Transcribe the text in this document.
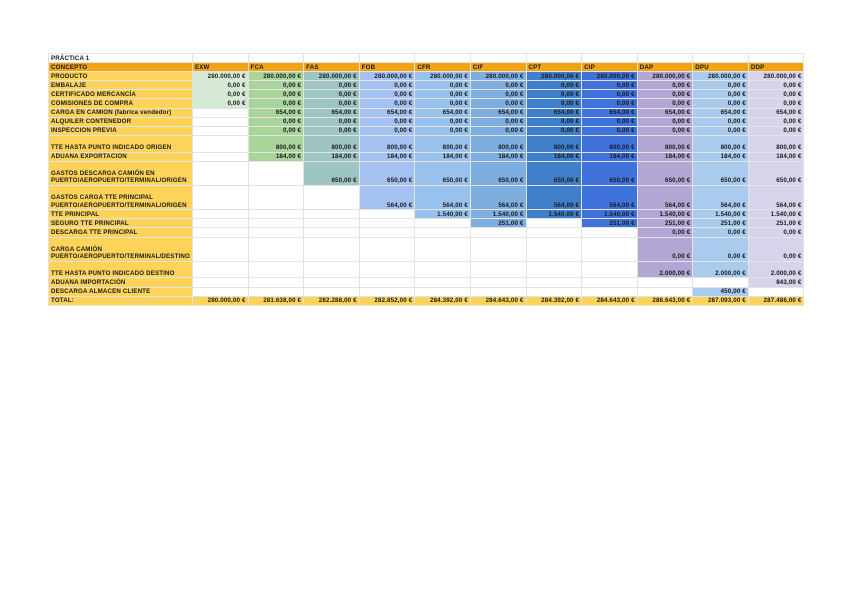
PRÁCTICA 1											
CONCEPTO	EXW	FCA	FAS	FOB	CFR	CIF	CPT	CIP	DAP	DPU	DDP
PRODUCTO	280.000,00 €	280.000,00 €	280.000,00 €	280.000,00 €	280.000,00 €	280.000,00 €	280.000,00 €	280.000,00 €	280.000,00 €	280.000,00 €	280.000,00 €
EMBALAJE	0,00 €	0,00 €	0,00 €	0,00 €	0,00 €	0,00 €	0,00 €	0,00 €	0,00 €	0,00 €	0,00 €
CERTIFICADO MERCANCÍA	0,00 €	0,00 €	0,00 €	0,00 €	0,00 €	0,00 €	0,00 €	0,00 €	0,00 €	0,00 €	0,00 €
COMISIONES DE COMPRA	0,00 €	0,00 €	0,00 €	0,00 €	0,00 €	0,00 €	0,00 €	0,00 €	0,00 €	0,00 €	0,00 €
CARGA EN CAMIÓN (fabrica vendedor)		654,00 €	654,00 €	654,00 €	654,00 €	654,00 €	654,00 €	654,00 €	654,00 €	654,00 €	654,00 €
ALQUILER CONTENEDOR		0,00 €	0,00 €	0,00 €	0,00 €	0,00 €	0,00 €	0,00 €	0,00 €	0,00 €	0,00 €
INSPECCIÓN PREVIA		0,00 €	0,00 €	0,00 €	0,00 €	0,00 €	0,00 €	0,00 €	0,00 €	0,00 €	0,00 €
TTE HASTA PUNTO INDICADO ORIGEN		800,00 €	800,00 €	800,00 €	800,00 €	800,00 €	800,00 €	800,00 €	800,00 €	800,00 €	800,00 €
ADUANA EXPORTACIÓN		184,00 €	184,00 €	184,00 €	184,00 €	184,00 €	184,00 €	184,00 €	184,00 €	184,00 €	184,00 €
GASTOS DESCARGA CAMIÓN EN PUERTO/AEROPUERTO/TERMINAL/ORIGEN			650,00 €	650,00 €	650,00 €	650,00 €	650,00 €	650,00 €	650,00 €	650,00 €	650,00 €
GASTOS CARGA TTE PRINCIPAL PUERTO/AEROPUERTO/TERMINAL/ORIGEN				564,00 €	564,00 €	564,00 €	564,00 €	564,00 €	564,00 €	564,00 €	564,00 €
TTE PRINCIPAL					1.540,00 €	1.540,00 €	1.540,00 €	1.540,00 €	1.540,00 €	1.540,00 €	1.540,00 €
SEGURO TTE PRINCIPAL						251,00 €		251,00 €	251,00 €	251,00 €	251,00 €
DESCARGA TTE PRINCIPAL									0,00 €	0,00 €	0,00 €
CARGA CAMIÓN PUERTO/AEROPUERTO/TERMINAL/DESTINO									0,00 €	0,00 €	0,00 €
TTE HASTA PUNTO INDICADO DESTINO									2.000,00 €	2.000,00 €	2.000,00 €
ADUANA IMPORTACIÓN											843,00 €
DESCARGA ALMACÉN CLIENTE										450,00 €	
TOTAL:	280.000,00 €	281.638,00 €	282.288,00 €	282.852,00 €	284.392,00 €	284.643,00 €	284.392,00 €	284.643,00 €	286.643,00 €	287.093,00 €	287.486,00 €
